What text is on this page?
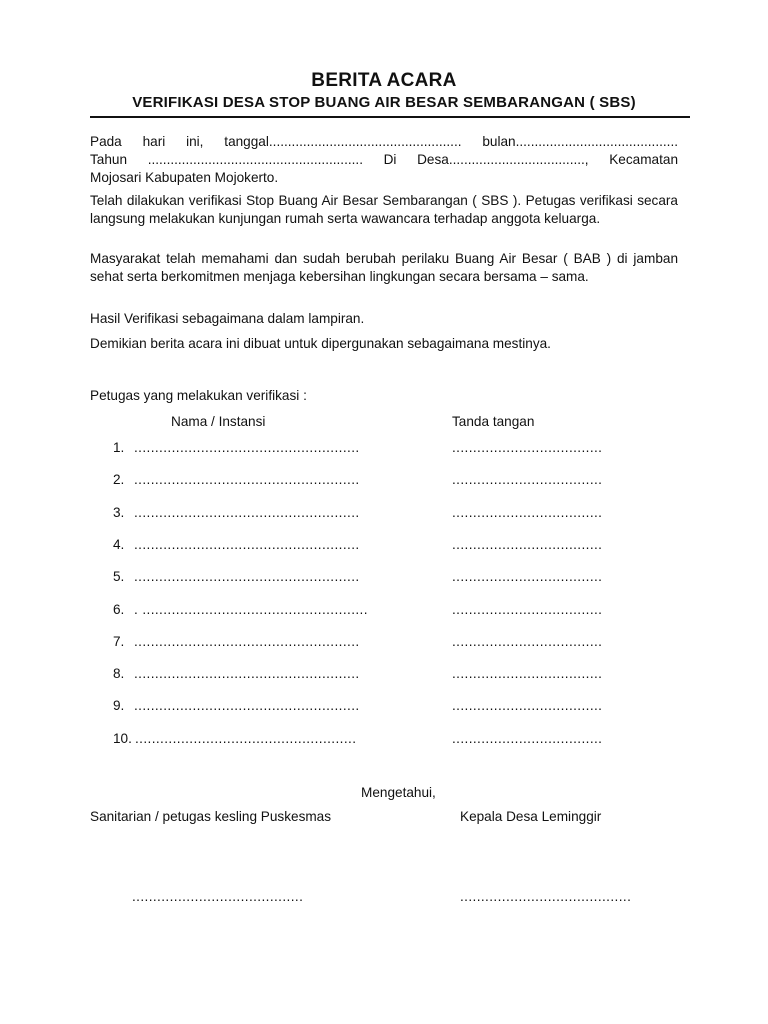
BERITA ACARA
VERIFIKASI DESA STOP BUANG AIR BESAR SEMBARANGAN ( SBS)
Pada hari ini, tanggal................................................... bulan...........................................
Tahun ......................................................... Di Desa...................................., Kecamatan
Mojosari Kabupaten Mojokerto.
Telah dilakukan verifikasi Stop Buang Air Besar Sembarangan ( SBS ). Petugas verifikasi secara langsung melakukan kunjungan rumah serta wawancara terhadap anggota keluarga.
Masyarakat telah memahami dan sudah berubah perilaku Buang Air Besar ( BAB ) di jamban sehat serta berkomitmen menjaga kebersihan lingkungan secara bersama – sama.
Hasil Verifikasi sebagaimana dalam lampiran.
Demikian berita acara ini dibuat untuk dipergunakan sebagaimana mestinya.
Petugas yang melakukan verifikasi :
Nama / Instansi	Tanda tangan
1. ......................................................	....................................
2. ......................................................	....................................
3. ......................................................	....................................
4. ......................................................	....................................
5. ......................................................	....................................
6. . ......................................................	....................................
7. ......................................................	....................................
8. ......................................................	....................................
9. ......................................................	....................................
10. .....................................................	....................................
Mengetahui,
Sanitarian / petugas kesling Puskesmas	Kepala Desa Leminggir
.........................................	.........................................
